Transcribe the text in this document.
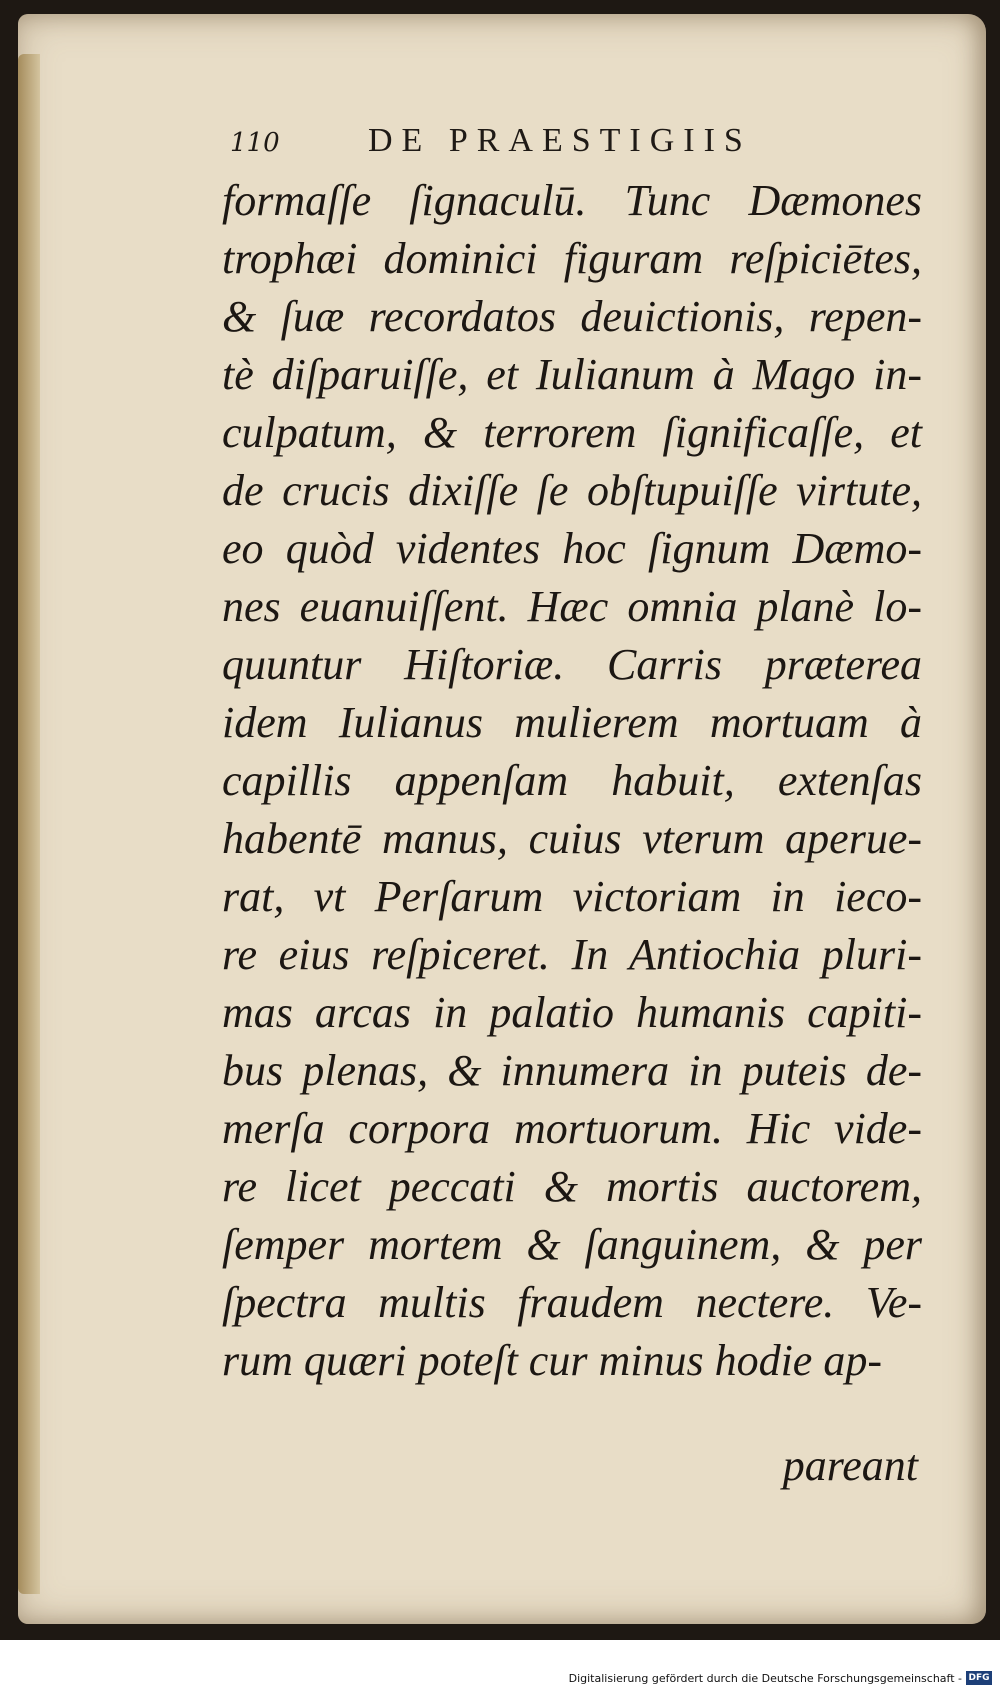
110	DE PRAESTIGIIS
formaſſe ſignaculū. Tunc Dæmones
trophæi dominici figuram reſpiciētes,
& ſuæ recordatos deuictionis, repen-
tè diſparuiſſe, et Iulianum à Mago in-
culpatum, & terrorem ſignificaſſe, et
de crucis dixiſſe ſe obſtupuiſſe virtute,
eo quòd videntes hoc ſignum Dæmo-
nes euanuiſſent. Hæc omnia planè lo-
quuntur Hiſtoriæ. Carris præterea
idem Iulianus mulierem mortuam à
capillis appenſam habuit, extenſas
habentē manus, cuius vterum aperue-
rat, vt Perſarum victoriam in ieco-
re eius reſpiceret. In Antiochia pluri-
mas arcas in palatio humanis capiti-
bus plenas, & innumera in puteis de-
merſa corpora mortuorum. Hic vide-
re licet peccati & mortis auctorem,
ſemper mortem & ſanguinem, & per
ſpectra multis fraudem nectere. Ve-
rum quæri poteſt cur minus hodie ap-
pareant
Digitalisierung gefördert durch die Deutsche Forschungsgemeinschaft - DFG
